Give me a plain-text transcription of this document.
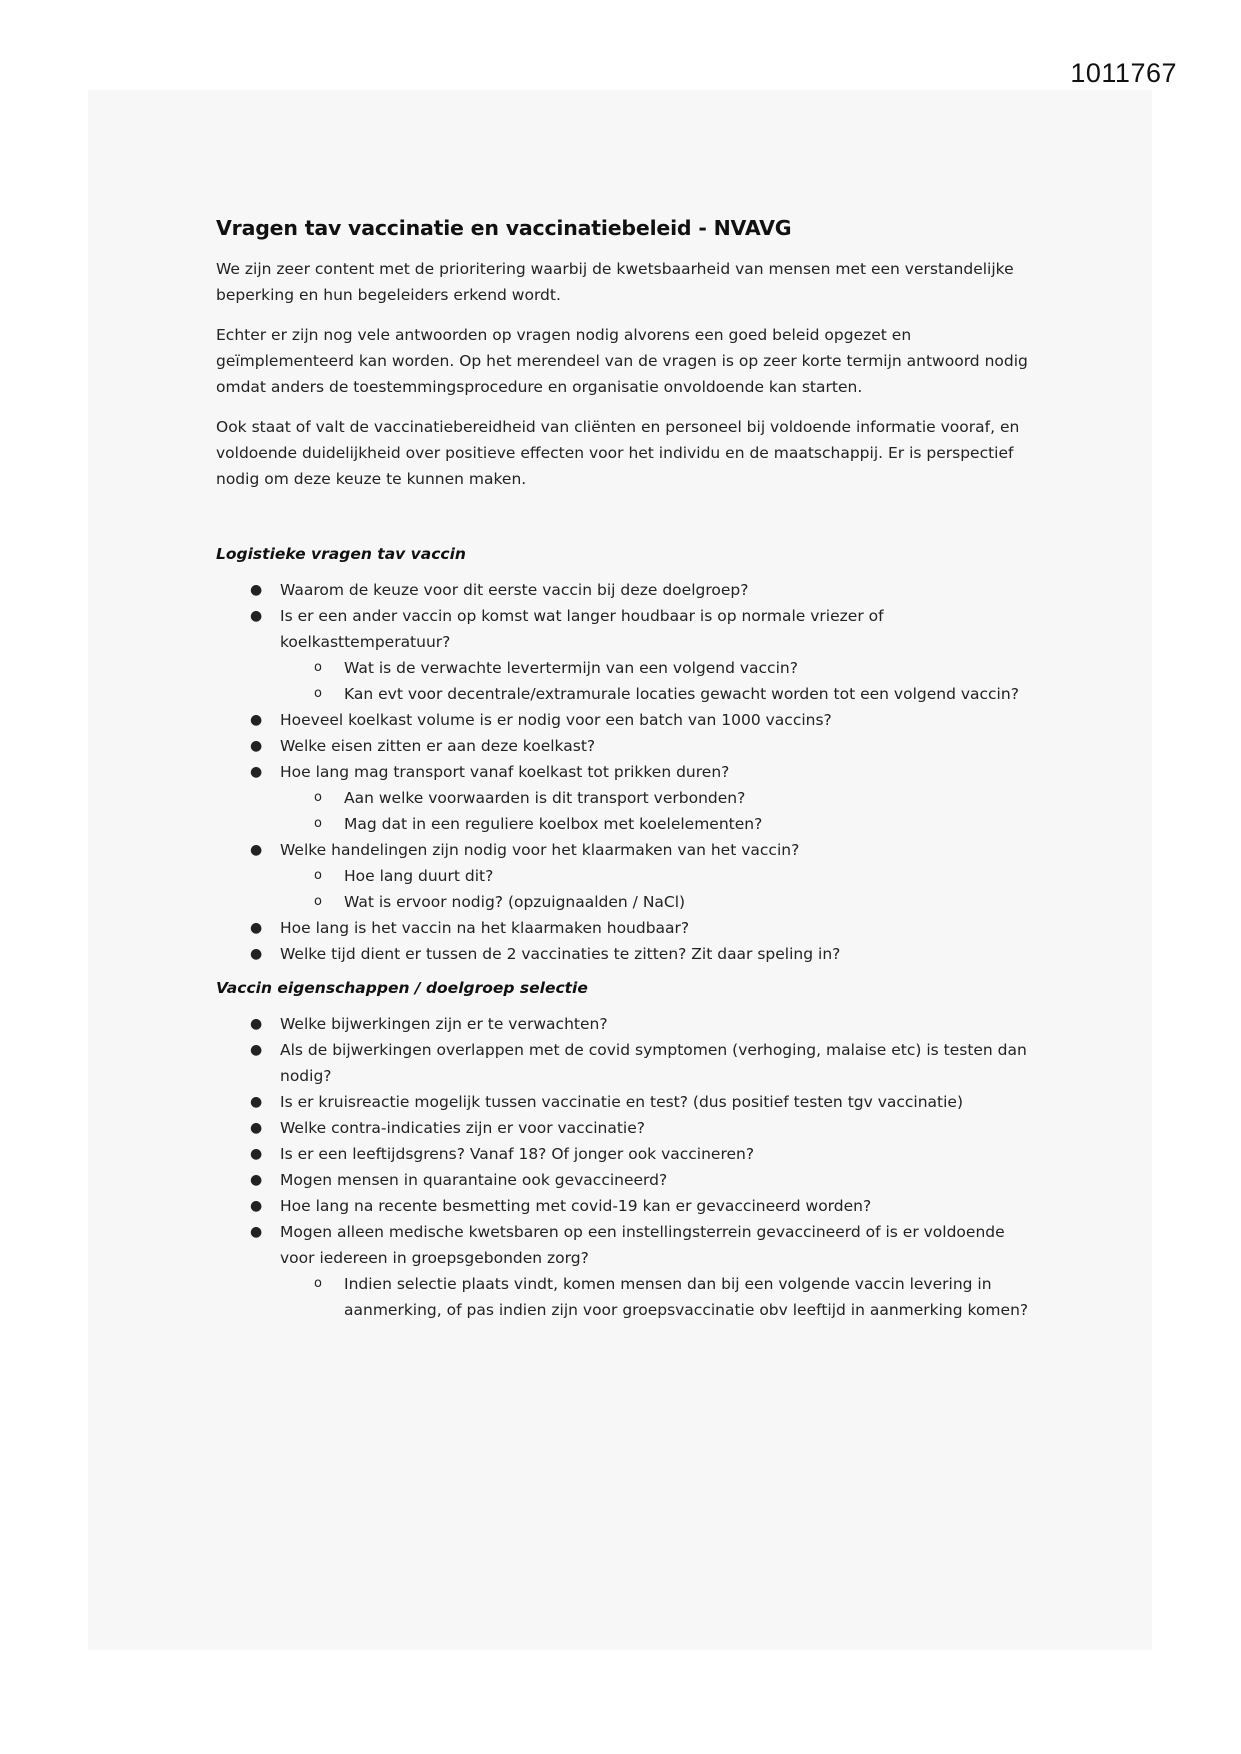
1011767
Vragen tav vaccinatie en vaccinatiebeleid - NVAVG

We zijn zeer content met de prioritering waarbij de kwetsbaarheid van mensen met een verstandelijke beperking en hun begeleiders erkend wordt.

Echter er zijn nog vele antwoorden op vragen nodig alvorens een goed beleid opgezet en geïmplementeerd kan worden. Op het merendeel van de vragen is op zeer korte termijn antwoord nodig omdat anders de toestemmingsprocedure en organisatie onvoldoende kan starten.

Ook staat of valt de vaccinatiebereidheid van cliënten en personeel bij voldoende informatie vooraf, en voldoende duidelijkheid over positieve effecten voor het individu en de maatschappij. Er is perspectief nodig om deze keuze te kunnen maken.

Logistieke vragen tav vaccin
● Waarom de keuze voor dit eerste vaccin bij deze doelgroep?
● Is er een ander vaccin op komst wat langer houdbaar is op normale vriezer of koelkasttemperatuur?
o Wat is de verwachte levertermijn van een volgend vaccin?
o Kan evt voor decentrale/extramurale locaties gewacht worden tot een volgend vaccin?
● Hoeveel koelkast volume is er nodig voor een batch van 1000 vaccins?
● Welke eisen zitten er aan deze koelkast?
● Hoe lang mag transport vanaf koelkast tot prikken duren?
o Aan welke voorwaarden is dit transport verbonden?
o Mag dat in een reguliere koelbox met koelelementen?
● Welke handelingen zijn nodig voor het klaarmaken van het vaccin?
o Hoe lang duurt dit?
o Wat is ervoor nodig? (opzuignaalden / NaCl)
● Hoe lang is het vaccin na het klaarmaken houdbaar?
● Welke tijd dient er tussen de 2 vaccinaties te zitten? Zit daar speling in?
Vaccin eigenschappen / doelgroep selectie
● Welke bijwerkingen zijn er te verwachten?
● Als de bijwerkingen overlappen met de covid symptomen (verhoging, malaise etc) is testen dan nodig?
● Is er kruisreactie mogelijk tussen vaccinatie en test? (dus positief testen tgv vaccinatie)
● Welke contra-indicaties zijn er voor vaccinatie?
● Is er een leeftijdsgrens? Vanaf 18? Of jonger ook vaccineren?
● Mogen mensen in quarantaine ook gevaccineerd?
● Hoe lang na recente besmetting met covid-19 kan er gevaccineerd worden?
● Mogen alleen medische kwetsbaren op een instellingsterrein gevaccineerd of is er voldoende voor iedereen in groepsgebonden zorg?
o Indien selectie plaats vindt, komen mensen dan bij een volgende vaccin levering in aanmerking, of pas indien zijn voor groepsvaccinatie obv leeftijd in aanmerking komen?
